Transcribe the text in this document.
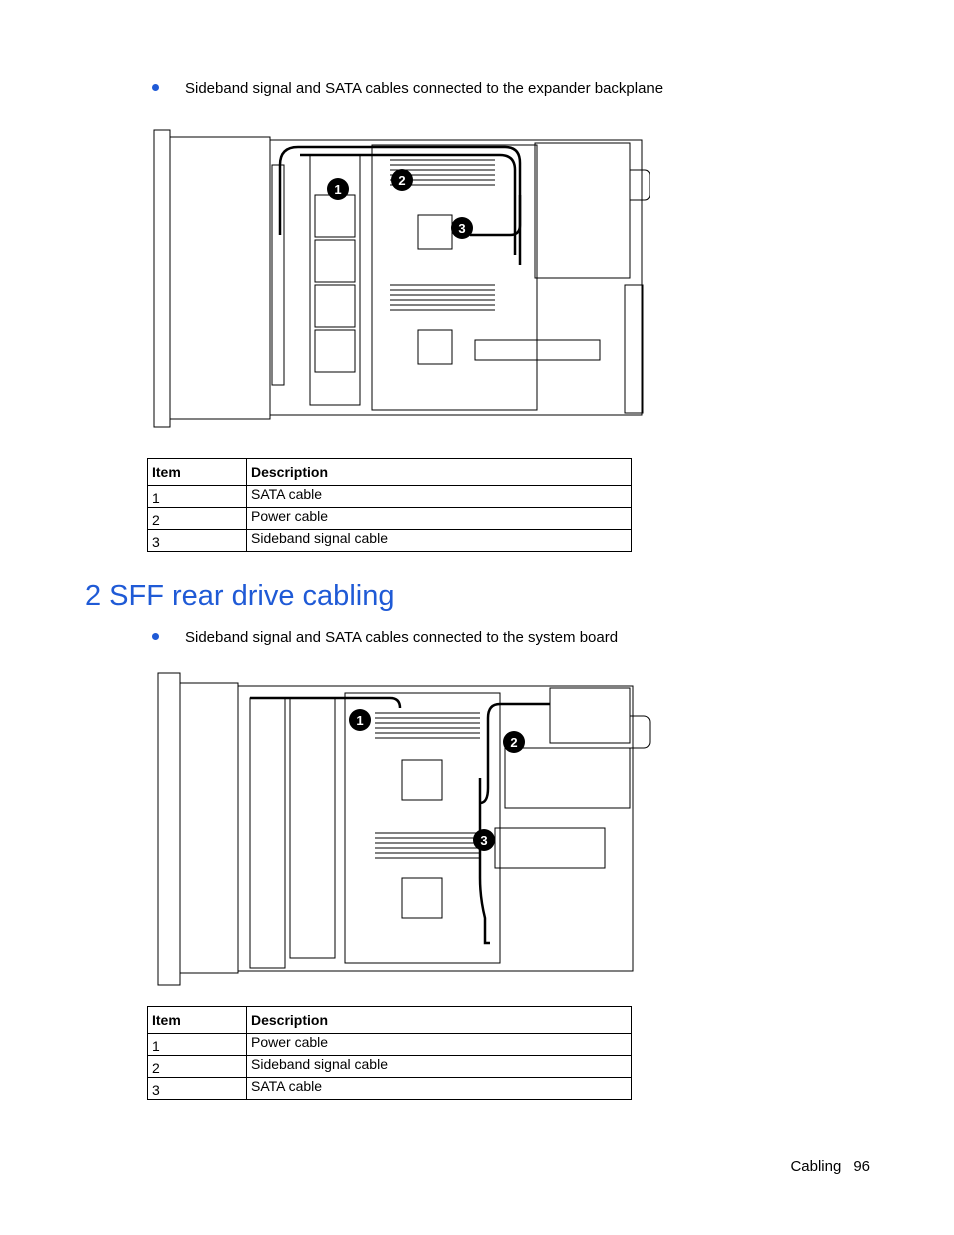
Sideband signal and SATA cables connected to the expander backplane
1
2
3
Item	Description
1	SATA cable
2	Power cable
3	Sideband signal cable
2 SFF rear drive cabling
Sideband signal and SATA cables connected to the system board
1
2
3
Item	Description
1	Power cable
2	Sideband signal cable
3	SATA cable
Cabling 96
